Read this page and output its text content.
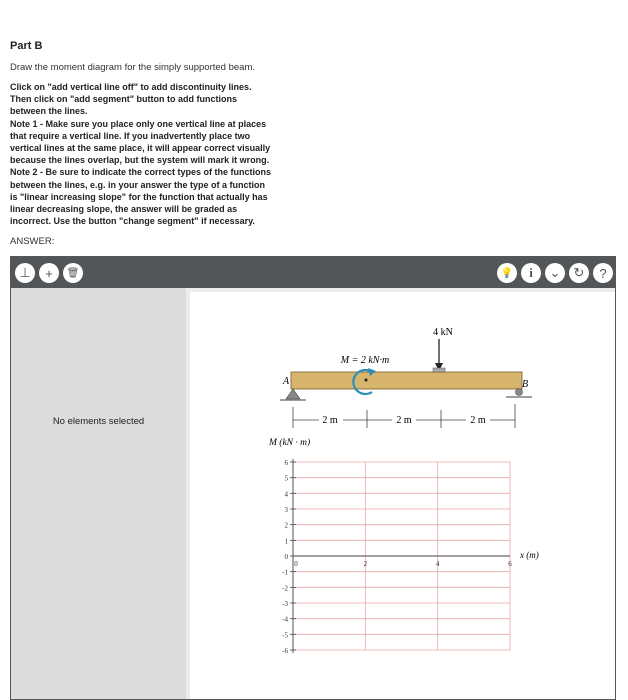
Part B
Draw the moment diagram for the simply supported beam.

Click on "add vertical line off" to add discontinuity lines.
Then click on "add segment" button to add functions
between the lines.
Note 1 - Make sure you place only one vertical line at places
that require a vertical line. If you inadvertently place two
vertical lines at the same place, it will appear correct visually
because the lines overlap, but the system will mark it wrong.
Note 2 - Be sure to indicate the correct types of the functions
between the lines, e.g. in your answer the type of a function
is "linear increasing slope" for the function that actually has
linear decreasing slope, the answer will be graded as
incorrect. Use the button "change segment" if necessary.

ANSWER:
⊥ + 🗑	💡 i ⌄ ↻ ?
No elements selected
4 kN
M = 2 kN·m
A	B
2 m	2 m	2 m
M (kN · m)
x (m)
6
5
4
3
2
1
0
-1
-2
-3
-4
-5
-6
0	2	4	6
